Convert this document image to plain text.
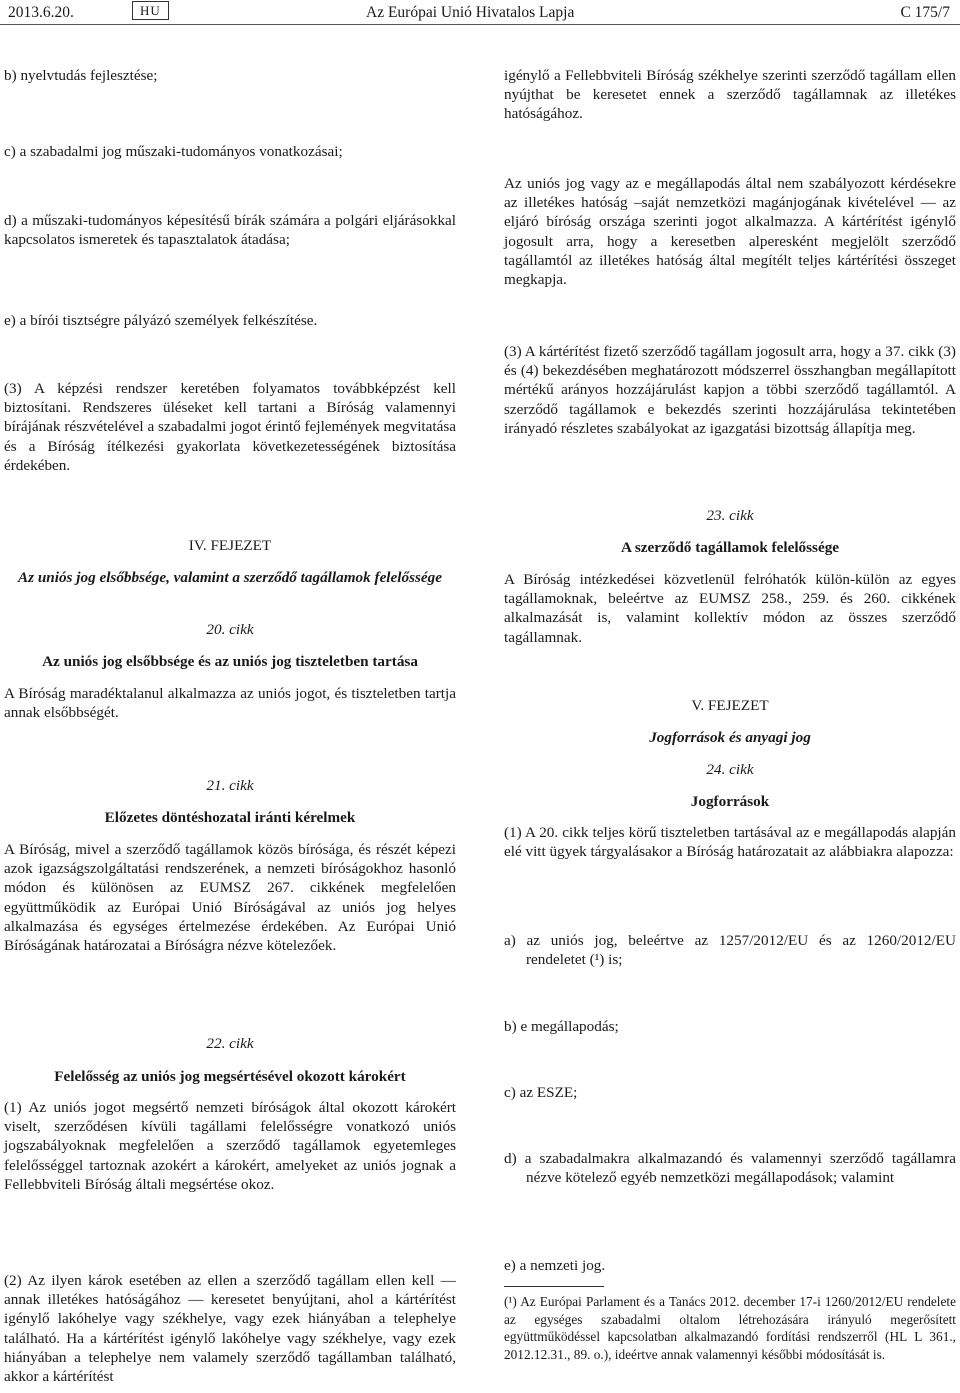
2013.6.20.	HU	Az Európai Unió Hivatalos Lapja	C 175/7
b) nyelvtudás fejlesztése;
c) a szabadalmi jog műszaki-tudományos vonatkozásai;
d) a műszaki-tudományos képesítésű bírák számára a polgári eljárásokkal kapcsolatos ismeretek és tapasztalatok átadása;
e) a bírói tisztségre pályázó személyek felkészítése.
(3) A képzési rendszer keretében folyamatos továbbképzést kell biztosítani. Rendszeres üléseket kell tartani a Bíróság valamennyi bírájának részvételével a szabadalmi jogot érintő fejlemények megvitatása és a Bíróság ítélkezési gyakorlata következetességének biztosítása érdekében.
IV. FEJEZET
Az uniós jog elsőbbsége, valamint a szerződő tagállamok felelőssége
20. cikk
Az uniós jog elsőbbsége és az uniós jog tiszteletben tartása
A Bíróság maradéktalanul alkalmazza az uniós jogot, és tiszteletben tartja annak elsőbbségét.
21. cikk
Előzetes döntéshozatal iránti kérelmek
A Bíróság, mivel a szerződő tagállamok közös bírósága, és részét képezi azok igazságszolgáltatási rendszerének, a nemzeti bíróságokhoz hasonló módon és különösen az EUMSZ 267. cikkének megfelelően együttműködik az Európai Unió Bíróságával az uniós jog helyes alkalmazása és egységes értelmezése érdekében. Az Európai Unió Bíróságának határozatai a Bíróságra nézve kötelezőek.
22. cikk
Felelősség az uniós jog megsértésével okozott károkért
(1) Az uniós jogot megsértő nemzeti bíróságok által okozott károkért viselt, szerződésen kívüli tagállami felelősségre vonatkozó uniós jogszabályoknak megfelelően a szerződő tagállamok egyetemleges felelősséggel tartoznak azokért a károkért, amelyeket az uniós jognak a Fellebbviteli Bíróság általi megsértése okoz.
(2) Az ilyen károk esetében az ellen a szerződő tagállam ellen kell — annak illetékes hatóságához — keresetet benyújtani, ahol a kártérítést igénylő lakóhelye vagy székhelye, vagy ezek hiányában a telephelye található. Ha a kártérítést igénylő lakóhelye vagy székhelye, vagy ezek hiányában a telephelye nem valamely szerződő tagállamban található, akkor a kártérítést
igénylő a Fellebbviteli Bíróság székhelye szerinti szerződő tagállam ellen nyújthat be keresetet ennek a szerződő tagállamnak az illetékes hatóságához.
Az uniós jog vagy az e megállapodás által nem szabályozott kérdésekre az illetékes hatóság –saját nemzetközi magánjogának kivételével — az eljáró bíróság országa szerinti jogot alkalmazza. A kártérítést igénylő jogosult arra, hogy a keresetben alperesként megjelölt szerződő tagállamtól az illetékes hatóság által megítélt teljes kártérítési összeget megkapja.
(3) A kártérítést fizető szerződő tagállam jogosult arra, hogy a 37. cikk (3) és (4) bekezdésében meghatározott módszerrel összhangban megállapított mértékű arányos hozzájárulást kapjon a többi szerződő tagállamtól. A szerződő tagállamok e bekezdés szerinti hozzájárulása tekintetében irányadó részletes szabályokat az igazgatási bizottság állapítja meg.
23. cikk
A szerződő tagállamok felelőssége
A Bíróság intézkedései közvetlenül felróhatók külön-külön az egyes tagállamoknak, beleértve az EUMSZ 258., 259. és 260. cikkének alkalmazását is, valamint kollektív módon az összes szerződő tagállamnak.
V. FEJEZET
Jogforrások és anyagi jog
24. cikk
Jogforrások
(1) A 20. cikk teljes körű tiszteletben tartásával az e megállapodás alapján elé vitt ügyek tárgyalásakor a Bíróság határozatait az alábbiakra alapozza:
a) az uniós jog, beleértve az 1257/2012/EU és az 1260/2012/EU rendeletet (¹) is;
b) e megállapodás;
c) az ESZE;
d) a szabadalmakra alkalmazandó és valamennyi szerződő tagállamra nézve kötelező egyéb nemzetközi megállapodások; valamint
e) a nemzeti jog.
(¹) Az Európai Parlament és a Tanács 2012. december 17-i 1260/2012/EU rendelete az egységes szabadalmi oltalom létrehozására irányuló megerősített együttműködéssel kapcsolatban alkalmazandó fordítási rendszerről (HL L 361., 2012.12.31., 89. o.), ideértve annak valamennyi későbbi módosítását is.
